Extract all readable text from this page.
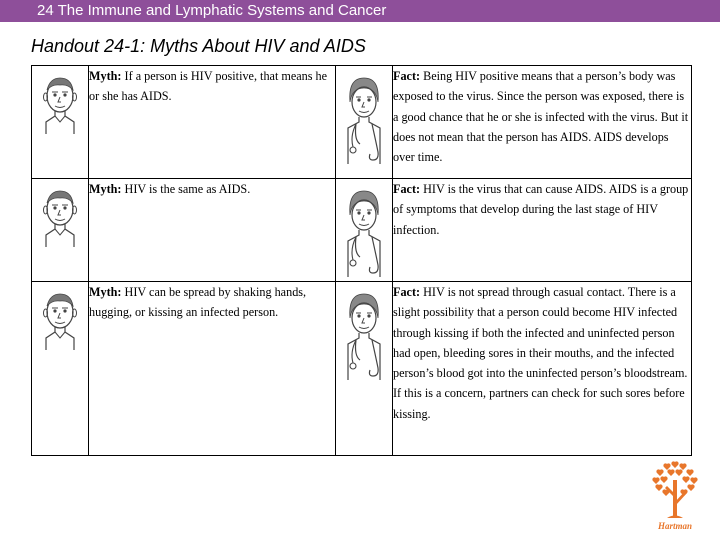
24 The Immune and Lymphatic Systems and Cancer
Handout 24-1: Myths About HIV and AIDS
	Myth: If a person is HIV positive, that means he or she has AIDS.		Fact: Being HIV positive means that a person’s body was exposed to the virus. Since the person was exposed, there is a good chance that he or she is infected with the virus. But it does not mean that the person has AIDS. AIDS develops over time.

	Myth: HIV is the same as AIDS.		Fact: HIV is the virus that can cause AIDS. AIDS is a group of symptoms that develop during the last stage of HIV infection.

	Myth: HIV can be spread by shaking hands, hugging, or kissing an infected person.		Fact: HIV is not spread through casual contact. There is a slight possibility that a person could become HIV infected through kissing if both the infected and uninfected person had open, bleeding sores in their mouths, and the infected person’s blood got into the uninfected person’s bloodstream. If this is a concern, partners can check for such sores before kissing.
Hartman
